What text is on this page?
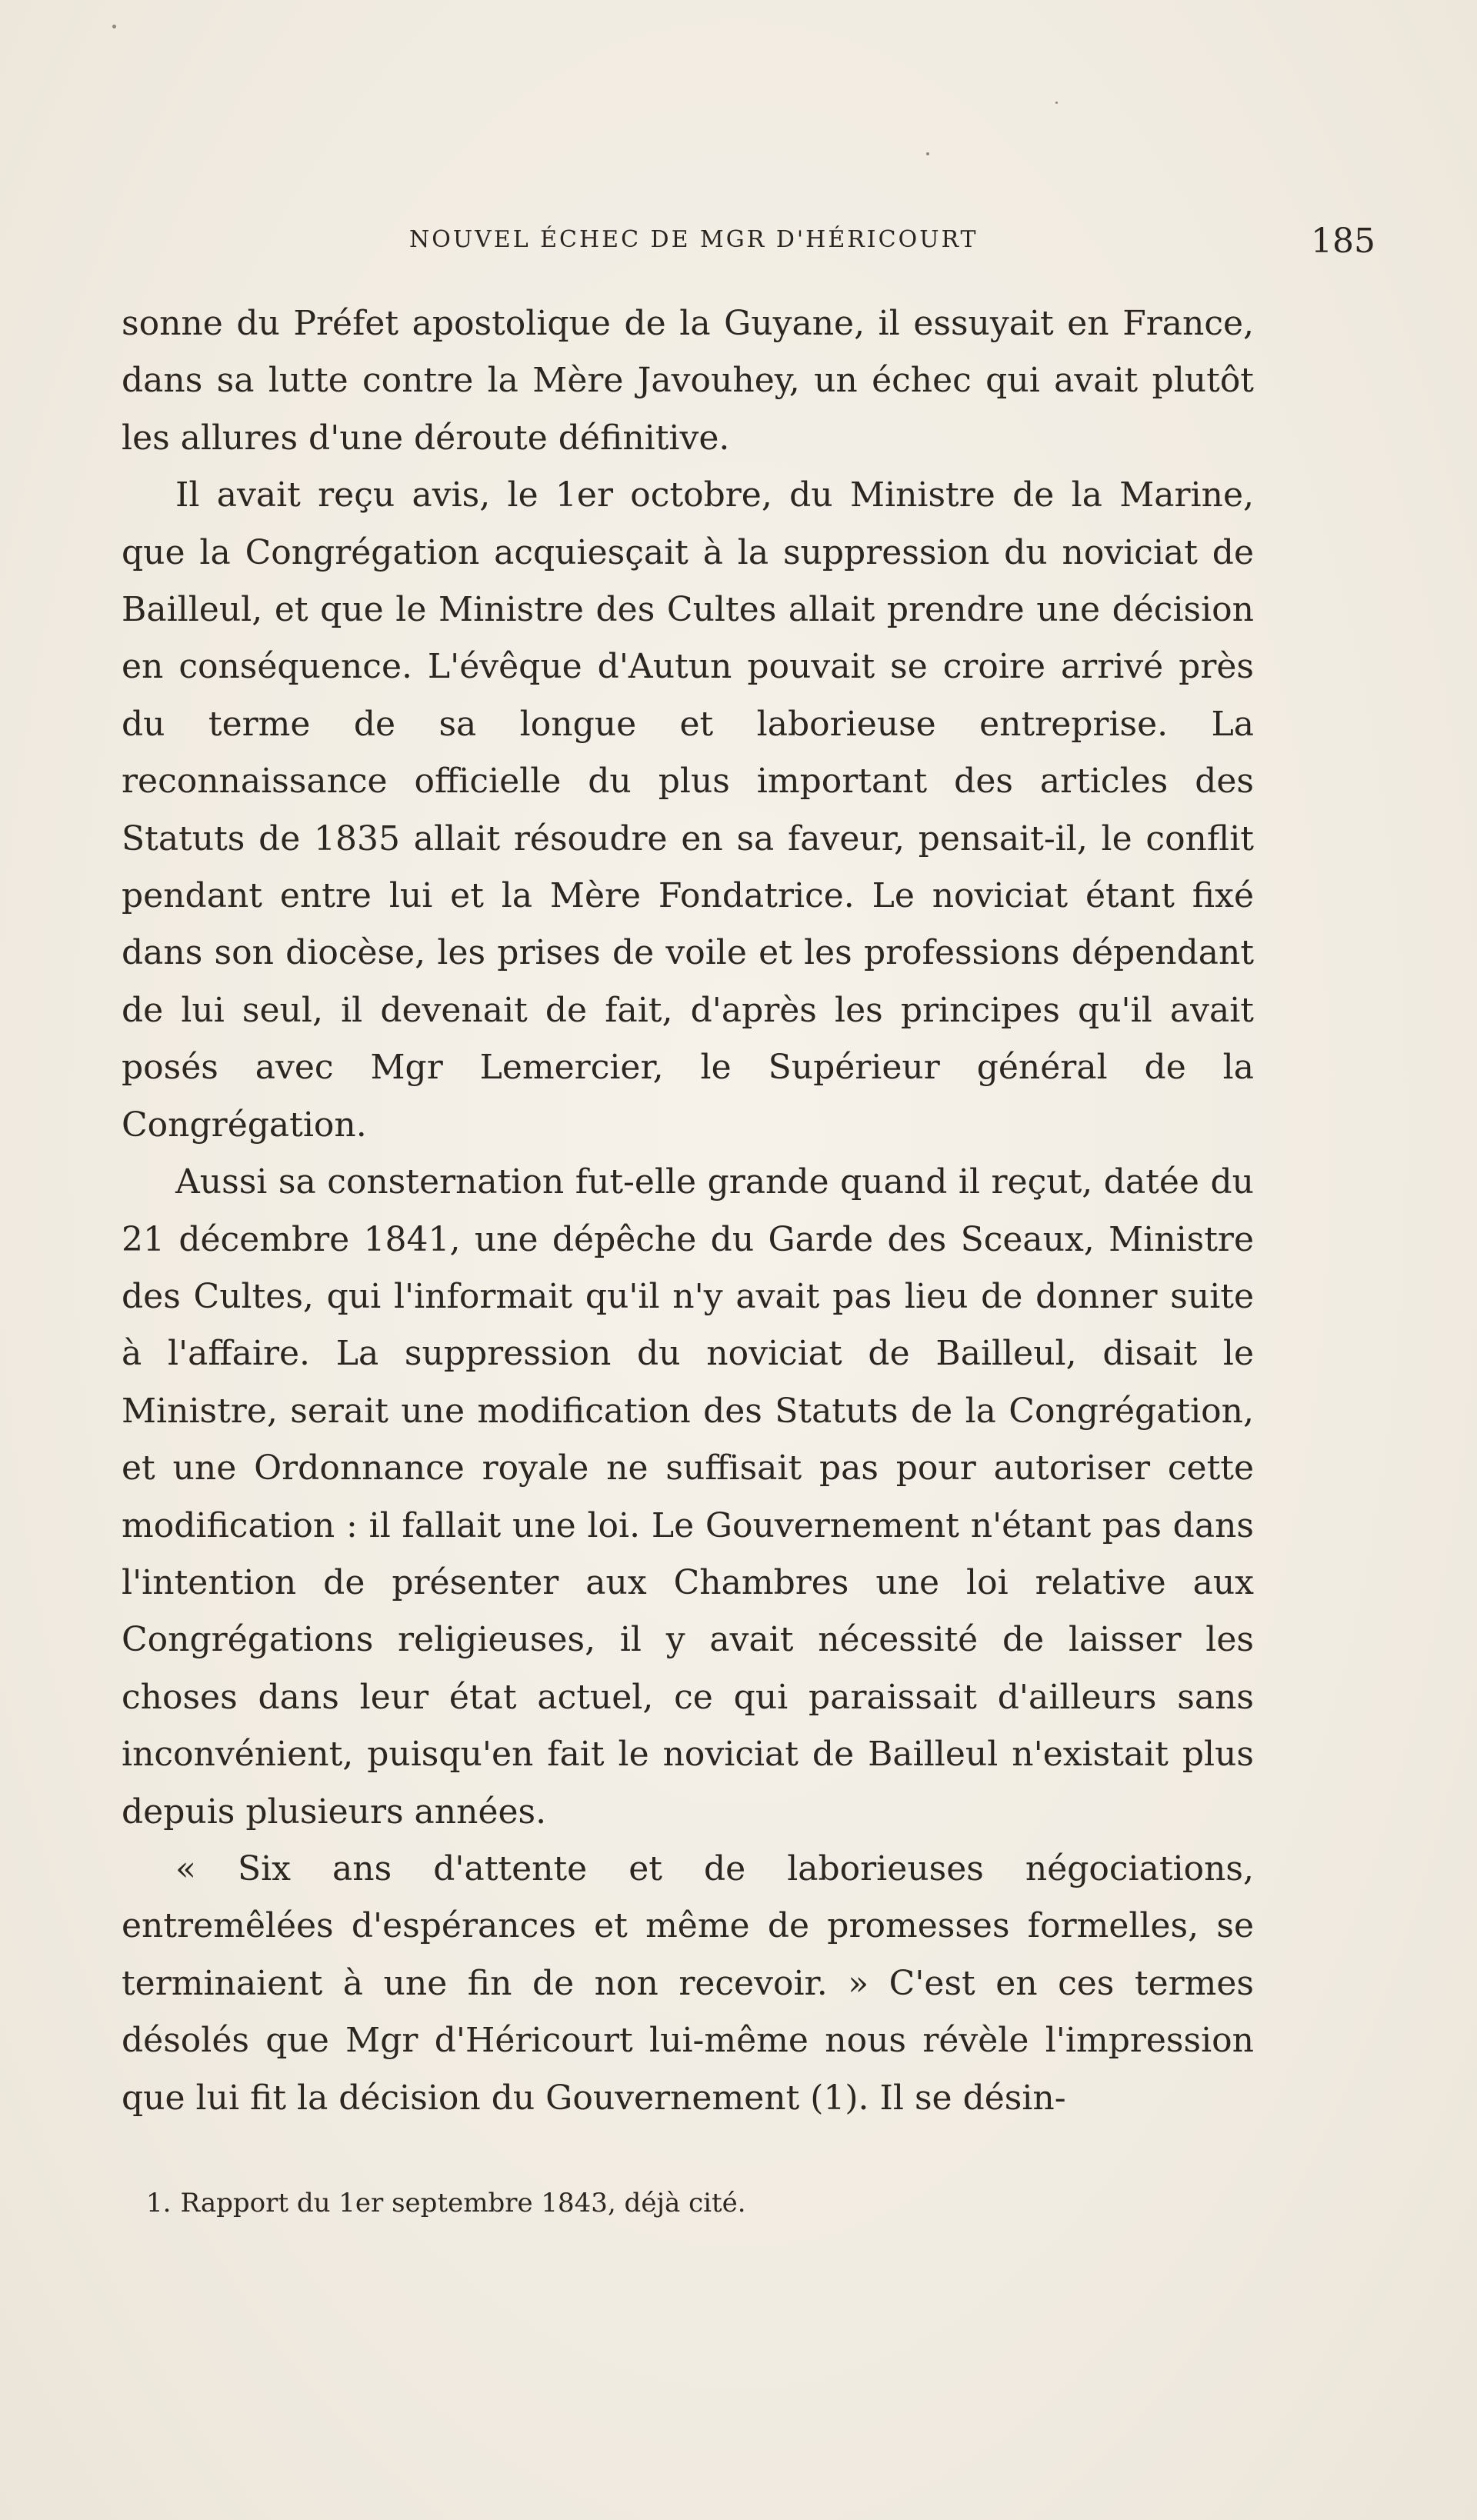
NOUVEL ÉCHEC DE MGR D'HÉRICOURT	185

sonne du Préfet apostolique de la Guyane, il essuyait en France, dans sa lutte contre la Mère Javouhey, un échec qui avait plutôt les allures d'une déroute définitive.

Il avait reçu avis, le 1er octobre, du Ministre de la Marine, que la Congrégation acquiesçait à la suppression du noviciat de Bailleul, et que le Ministre des Cultes allait prendre une décision en conséquence. L'évêque d'Autun pouvait se croire arrivé près du terme de sa longue et laborieuse entreprise. La reconnaissance officielle du plus important des articles des Statuts de 1835 allait résoudre en sa faveur, pensait-il, le conflit pendant entre lui et la Mère Fondatrice. Le noviciat étant fixé dans son diocèse, les prises de voile et les professions dépendant de lui seul, il devenait de fait, d'après les principes qu'il avait posés avec Mgr Lemercier, le Supérieur général de la Congrégation.

Aussi sa consternation fut-elle grande quand il reçut, datée du 21 décembre 1841, une dépêche du Garde des Sceaux, Ministre des Cultes, qui l'informait qu'il n'y avait pas lieu de donner suite à l'affaire. La suppression du noviciat de Bailleul, disait le Ministre, serait une modification des Statuts de la Congrégation, et une Ordonnance royale ne suffisait pas pour autoriser cette modification : il fallait une loi. Le Gouvernement n'étant pas dans l'intention de présenter aux Chambres une loi relative aux Congrégations religieuses, il y avait nécessité de laisser les choses dans leur état actuel, ce qui paraissait d'ailleurs sans inconvénient, puisqu'en fait le noviciat de Bailleul n'existait plus depuis plusieurs années.

« Six ans d'attente et de laborieuses négociations, entremêlées d'espérances et même de promesses formelles, se terminaient à une fin de non recevoir. » C'est en ces termes désolés que Mgr d'Héricourt lui-même nous révèle l'impression que lui fit la décision du Gouvernement (1). Il se désin-

1. Rapport du 1er septembre 1843, déjà cité.
